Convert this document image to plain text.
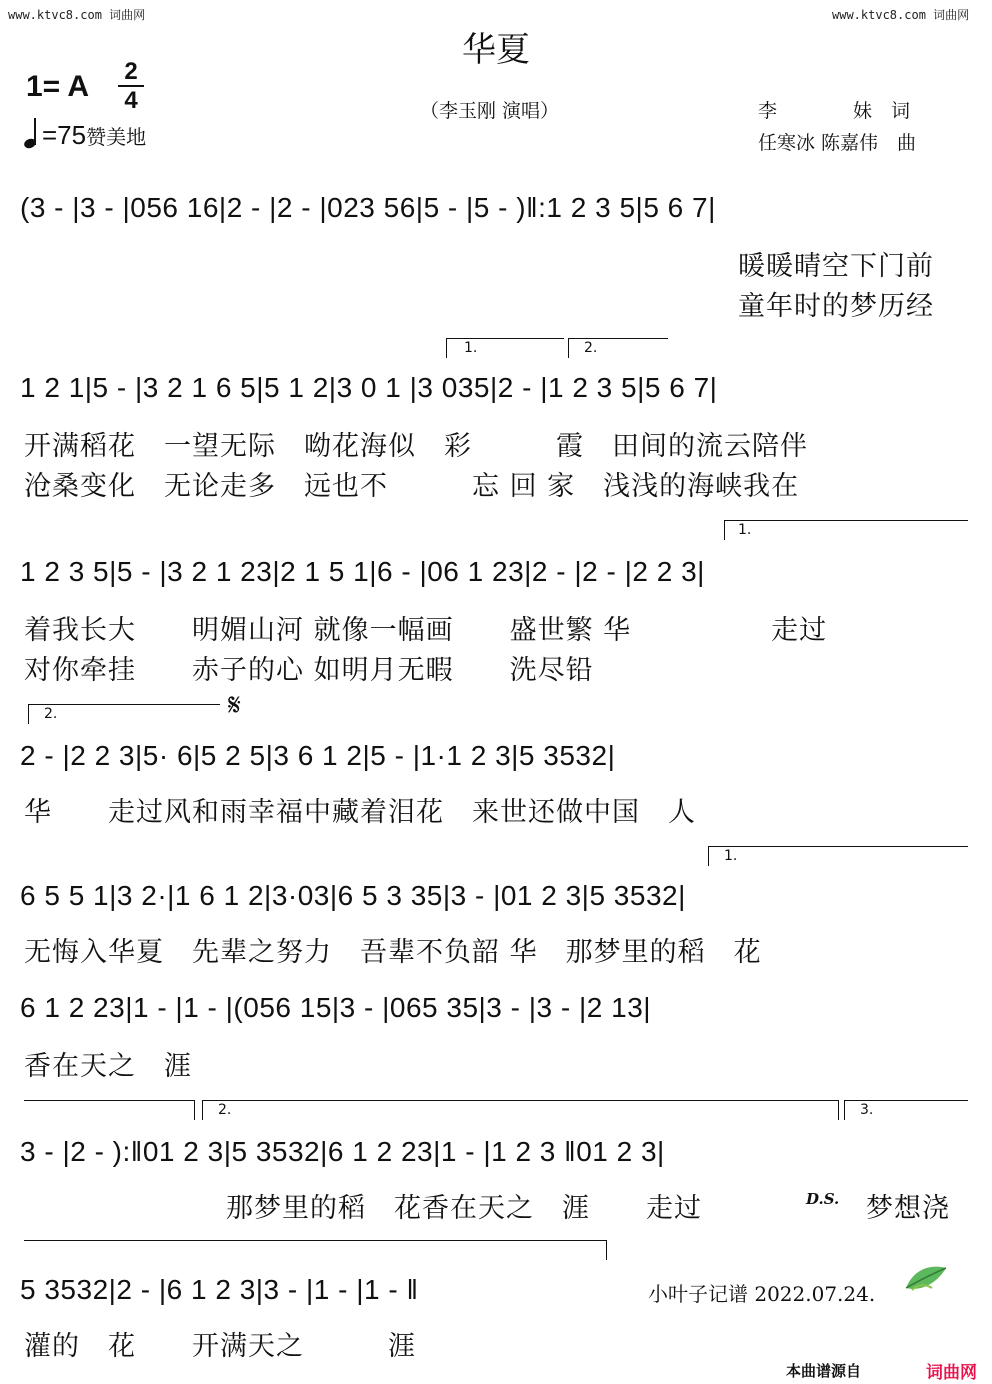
www.ktvc8.com 词曲网	www.ktvc8.com 词曲网
华夏
1= A 2
4
=75赞美地
（李玉刚 演唱）	李　　　　妹　词
任寒冰 陈嘉伟　曲
(3 - |3 - |056 16|2 - |2 - |023 56|5 - |5 - )‖:1 2 3 5|5 6 7|
暖暖晴空下门前
童年时的梦历经
1.	2.
1 2 1|5 - |3 2 1 6 5|5 1 2|3 0 1 |3 035|2 - |1 2 3 5|5 6 7|
开满稻花　一望无际　呦花海似　彩　　　霞　田间的流云陪伴
沧桑变化　无论走多　远也不　　　忘 回 家　浅浅的海峡我在
1.
1 2 3 5|5 - |3 2 1 23|2 1 5 1|6 - |06 1 23|2 - |2 - |2 2 3|
着我长大　　明媚山河 就像一幅画　　盛世繁 华　　　　　走过
对你牵挂　　赤子的心 如明月无暇　　洗尽铅
2.	𝄋
2 - |2 2 3|5· 6|5 2 5|3 6 1 2|5 - |1·1 2 3|5 3532|
华　　走过风和雨幸福中藏着泪花　来世还做中国　人
1.
6 5 5 1|3 2·|1 6 1 2|3·03|6 5 3 35|3 - |01 2 3|5 3532|
无悔入华夏　先辈之努力　吾辈不负韶 华　那梦里的稻　花
6 1 2 23|1 - |1 - |(056 15|3 - |065 35|3 - |3 - |2 13|
香在天之　涯
2.	3.
3 - |2 - ):‖01 2 3|5 3532|6 1 2 23|1 - |1 2 3 ‖01 2 3|
那梦里的稻　花香在天之　涯　　走过	D.S. 梦想浇
5 3532|2 - |6 1 2 3|3 - |1 - |1 - ‖
灌的　花　　开满天之　　　涯
小叶子记谱 2022.07.24.
本曲谱源自	词曲网
